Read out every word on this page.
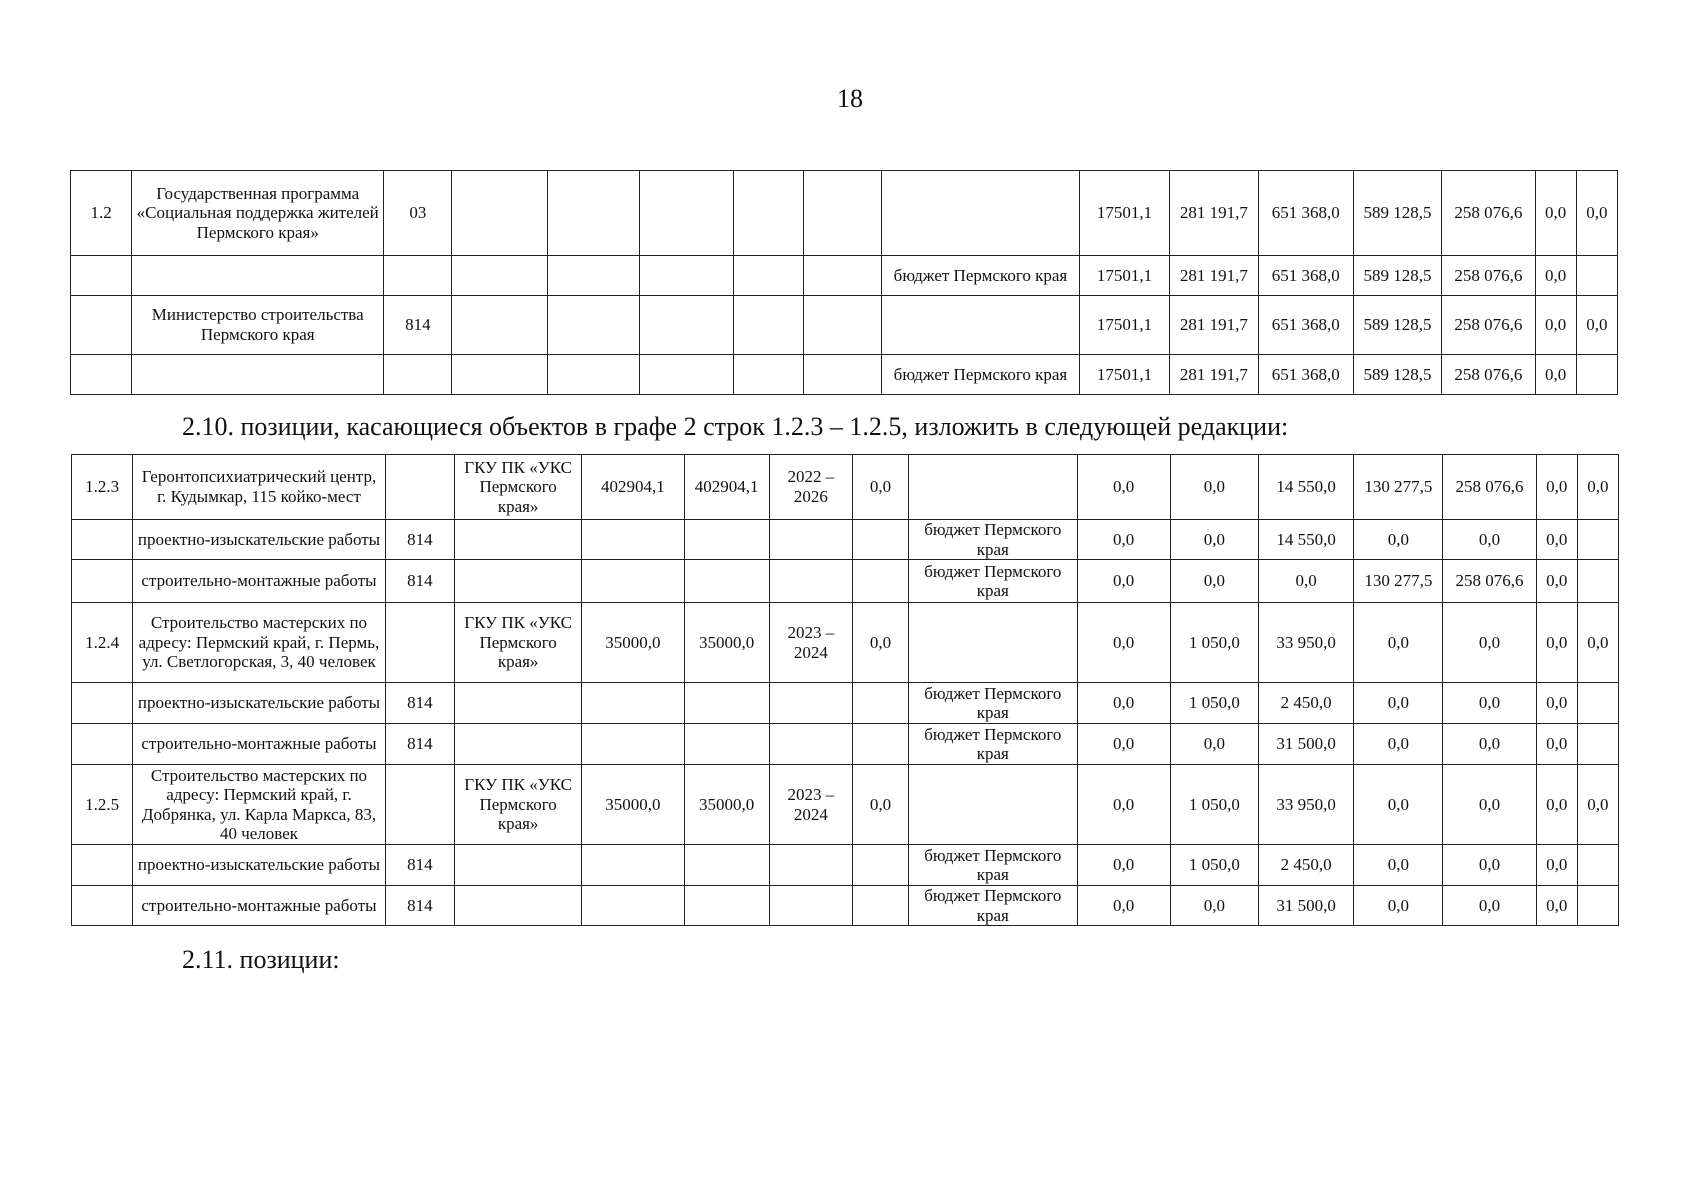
18
1.2	Государственная программа «Социальная поддержка жителей Пермского края»	03							17501,1	281 191,7	651 368,0	589 128,5	258 076,6	0,0	0,0
								бюджет Пермского края	17501,1	281 191,7	651 368,0	589 128,5	258 076,6	0,0	
	Министерство строительства Пермского края	814							17501,1	281 191,7	651 368,0	589 128,5	258 076,6	0,0	0,0
								бюджет Пермского края	17501,1	281 191,7	651 368,0	589 128,5	258 076,6	0,0	
2.10. позиции, касающиеся объектов в графе 2 строк 1.2.3 – 1.2.5, изложить в следующей редакции:
1.2.3	Геронтопсихиатрический центр, г. Кудымкар, 115 койко-мест		ГКУ ПК «УКС Пермского края»	402904,1	402904,1	2022 – 2026	0,0		0,0	0,0	14 550,0	130 277,5	258 076,6	0,0	0,0
	проектно-изыскательские работы	814						бюджет Пермского края	0,0	0,0	14 550,0	0,0	0,0	0,0	
	строительно-монтажные работы	814						бюджет Пермского края	0,0	0,0	0,0	130 277,5	258 076,6	0,0	
1.2.4	Строительство мастерских по адресу: Пермский край, г. Пермь, ул. Светлогорская, 3, 40 человек		ГКУ ПК «УКС Пермского края»	35000,0	35000,0	2023 – 2024	0,0		0,0	1 050,0	33 950,0	0,0	0,0	0,0	0,0
	проектно-изыскательские работы	814						бюджет Пермского края	0,0	1 050,0	2 450,0	0,0	0,0	0,0	
	строительно-монтажные работы	814						бюджет Пермского края	0,0	0,0	31 500,0	0,0	0,0	0,0	
1.2.5	Строительство мастерских по адресу: Пермский край, г. Добрянка, ул. Карла Маркса, 83, 40 человек		ГКУ ПК «УКС Пермского края»	35000,0	35000,0	2023 – 2024	0,0		0,0	1 050,0	33 950,0	0,0	0,0	0,0	0,0
	проектно-изыскательские работы	814						бюджет Пермского края	0,0	1 050,0	2 450,0	0,0	0,0	0,0	
	строительно-монтажные работы	814						бюджет Пермского края	0,0	0,0	31 500,0	0,0	0,0	0,0	
2.11. позиции:
